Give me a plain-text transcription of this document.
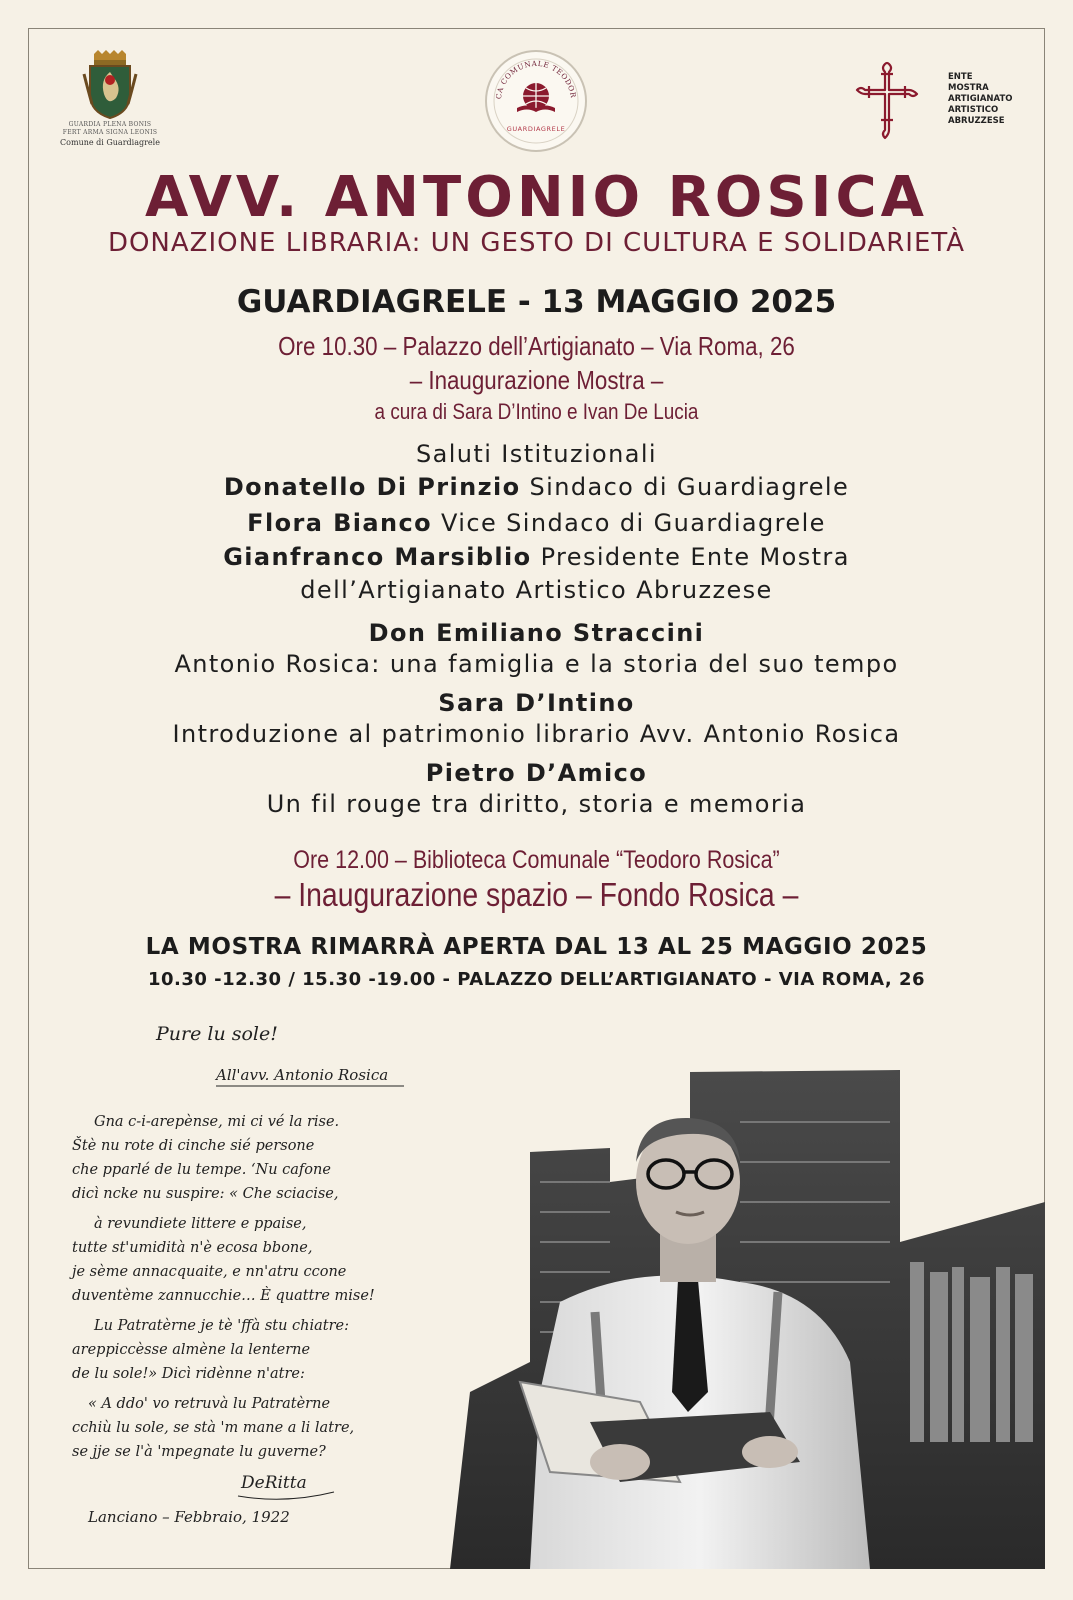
GUARDIA PLENA BONIS
FERT ARMA SIGNA LEONIS
Comune di Guardiagrele
CA COMUNALE TEODOR
GUARDIAGRELE
ENTE
MOSTRA
ARTIGIANATO
ARTISTICO
ABRUZZESE
AVV. ANTONIO ROSICA
DONAZIONE LIBRARIA: UN GESTO DI CULTURA E SOLIDARIETÀ
GUARDIAGRELE - 13 MAGGIO 2025
Ore 10.30 – Palazzo dell’Artigianato – Via Roma, 26
– Inaugurazione Mostra –
a cura di Sara D’Intino e Ivan De Lucia
Saluti Istituzionali
Donatello Di Prinzio Sindaco di Guardiagrele
Flora Bianco Vice Sindaco di Guardiagrele
Gianfranco Marsiblio Presidente Ente Mostra
dell’Artigianato Artistico Abruzzese
Don Emiliano Straccini
Antonio Rosica: una famiglia e la storia del suo tempo
Sara D’Intino
Introduzione al patrimonio librario Avv. Antonio Rosica
Pietro D’Amico
Un fil rouge tra diritto, storia e memoria
Ore 12.00 – Biblioteca Comunale “Teodoro Rosica”
– Inaugurazione spazio – Fondo Rosica –
LA MOSTRA RIMARRÀ APERTA DAL 13 AL 25 MAGGIO 2025
10.30 -12.30 / 15.30 -19.00 - PALAZZO DELL’ARTIGIANATO - VIA ROMA, 26
Pure lu sole!
All'avv. Antonio Rosica
Gna c-i-arepènse, mi ci vé la rise.
Štè nu rote di cinche sié persone
che pparlé de lu tempe. ‘Nu cafone
dicì ncke nu suspire: « Che sciacise,
à revundiete littere e ppaise,
tutte st'umidità n'è ecosa bbone,
je sème annacquaite, e nn'atru ccone
duventème zannucchie… È quattre mise!
Lu Patratèrne je tè 'ffà stu chiatre:
areppiccèsse almène la lenterne
de lu sole!» Dicì ridènne n'atre:
« A ddo' vo retruvà lu Patratèrne
cchiù lu sole, se stà 'm mane a li latre,
se jje se l'à 'mpegnate lu guverne?
DeRitta
Lanciano – Febbraio, 1922
